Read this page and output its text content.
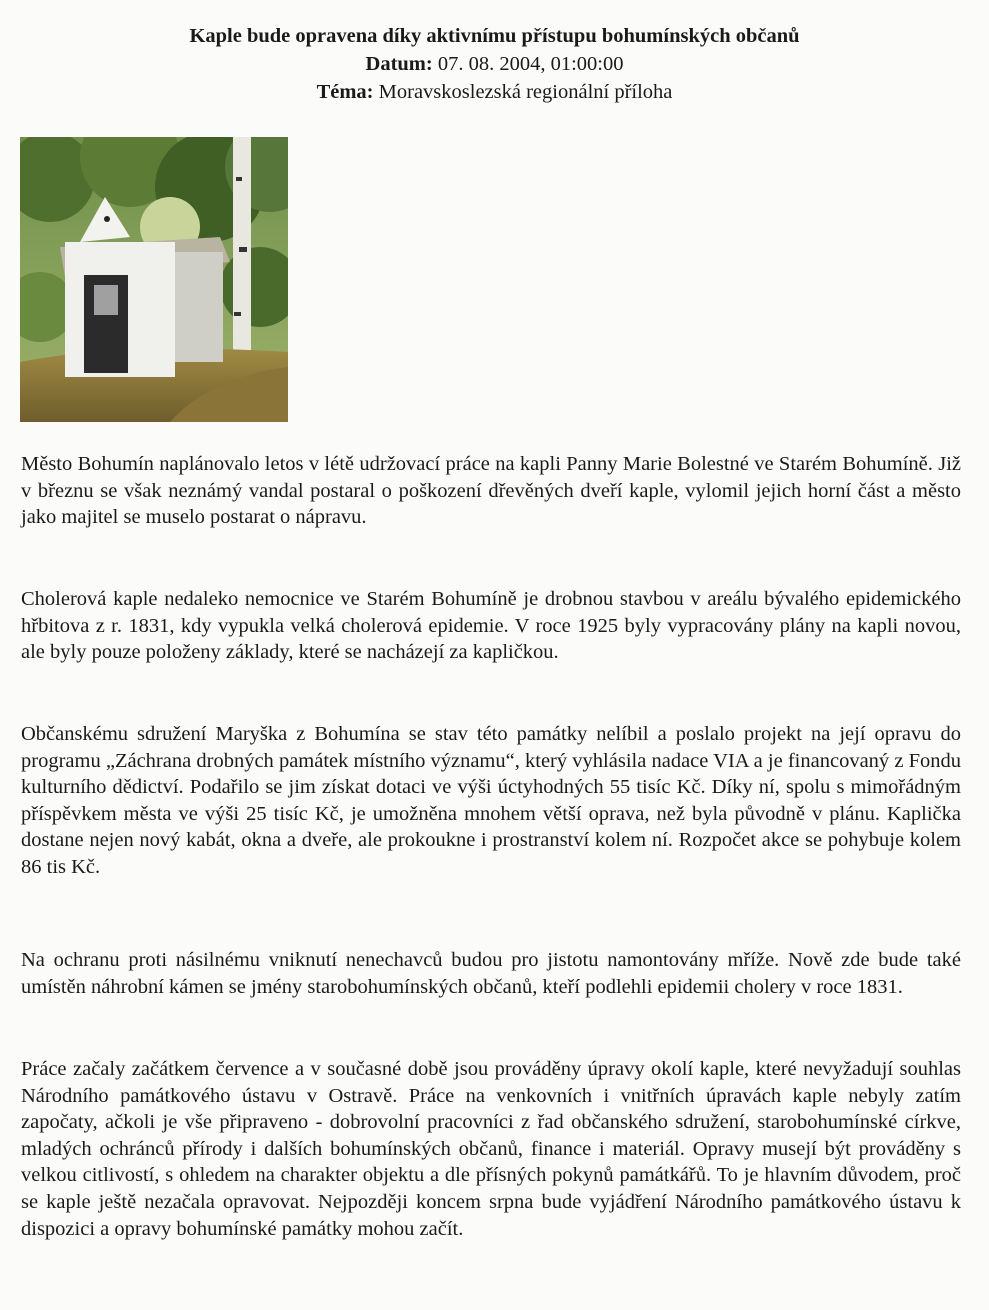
Kaple bude opravena díky aktivnímu přístupu bohumínských občanů
Datum: 07. 08. 2004, 01:00:00
Téma: Moravskoslezská regionální příloha

Město Bohumín naplánovalo letos v létě udržovací práce na kapli Panny Marie Bolestné ve Starém Bohumíně. Již v březnu se však neznámý vandal postaral o poškození dřevěných dveří kaple, vylomil jejich horní část a město jako majitel se muselo postarat o nápravu.

Cholerová kaple nedaleko nemocnice ve Starém Bohumíně je drobnou stavbou v areálu bývalého epidemického hřbitova z r. 1831, kdy vypukla velká cholerová epidemie. V roce 1925 byly vypracovány plány na kapli novou, ale byly pouze položeny základy, které se nacházejí za kapličkou.

Občanskému sdružení Maryška z Bohumína se stav této památky nelíbil a poslalo projekt na její opravu do programu „Záchrana drobných památek místního významu“, který vyhlásila nadace VIA a je financovaný z Fondu kulturního dědictví. Podařilo se jim získat dotaci ve výši úctyhodných 55 tisíc Kč. Díky ní, spolu s mimořádným příspěvkem města ve výši 25 tisíc Kč, je umožněna mnohem větší oprava, než byla původně v plánu. Kaplička dostane nejen nový kabát, okna a dveře, ale prokoukne i prostranství kolem ní. Rozpočet akce se pohybuje kolem 86 tis Kč.

Na ochranu proti násilnému vniknutí nenechavců budou pro jistotu namontovány mříže. Nově zde bude také umístěn náhrobní kámen se jmény starobohumínských občanů, kteří podlehli epidemii cholery v roce 1831.

Práce začaly začátkem července a v současné době jsou prováděny úpravy okolí kaple, které nevyžadují souhlas Národního památkového ústavu v Ostravě. Práce na venkovních i vnitřních úpravách kaple nebyly zatím započaty, ačkoli je vše připraveno - dobrovolní pracovníci z řad občanského sdružení, starobohumínské církve, mladých ochránců přírody i dalších bohumínských občanů, finance i materiál. Opravy musejí být prováděny s velkou citlivostí, s ohledem na charakter objektu a dle přísných pokynů památkářů. To je hlavním důvodem, proč se kaple ještě nezačala opravovat. Nejpozději koncem srpna bude vyjádření Národního památkového ústavu k dispozici a opravy bohumínské památky mohou začít.
